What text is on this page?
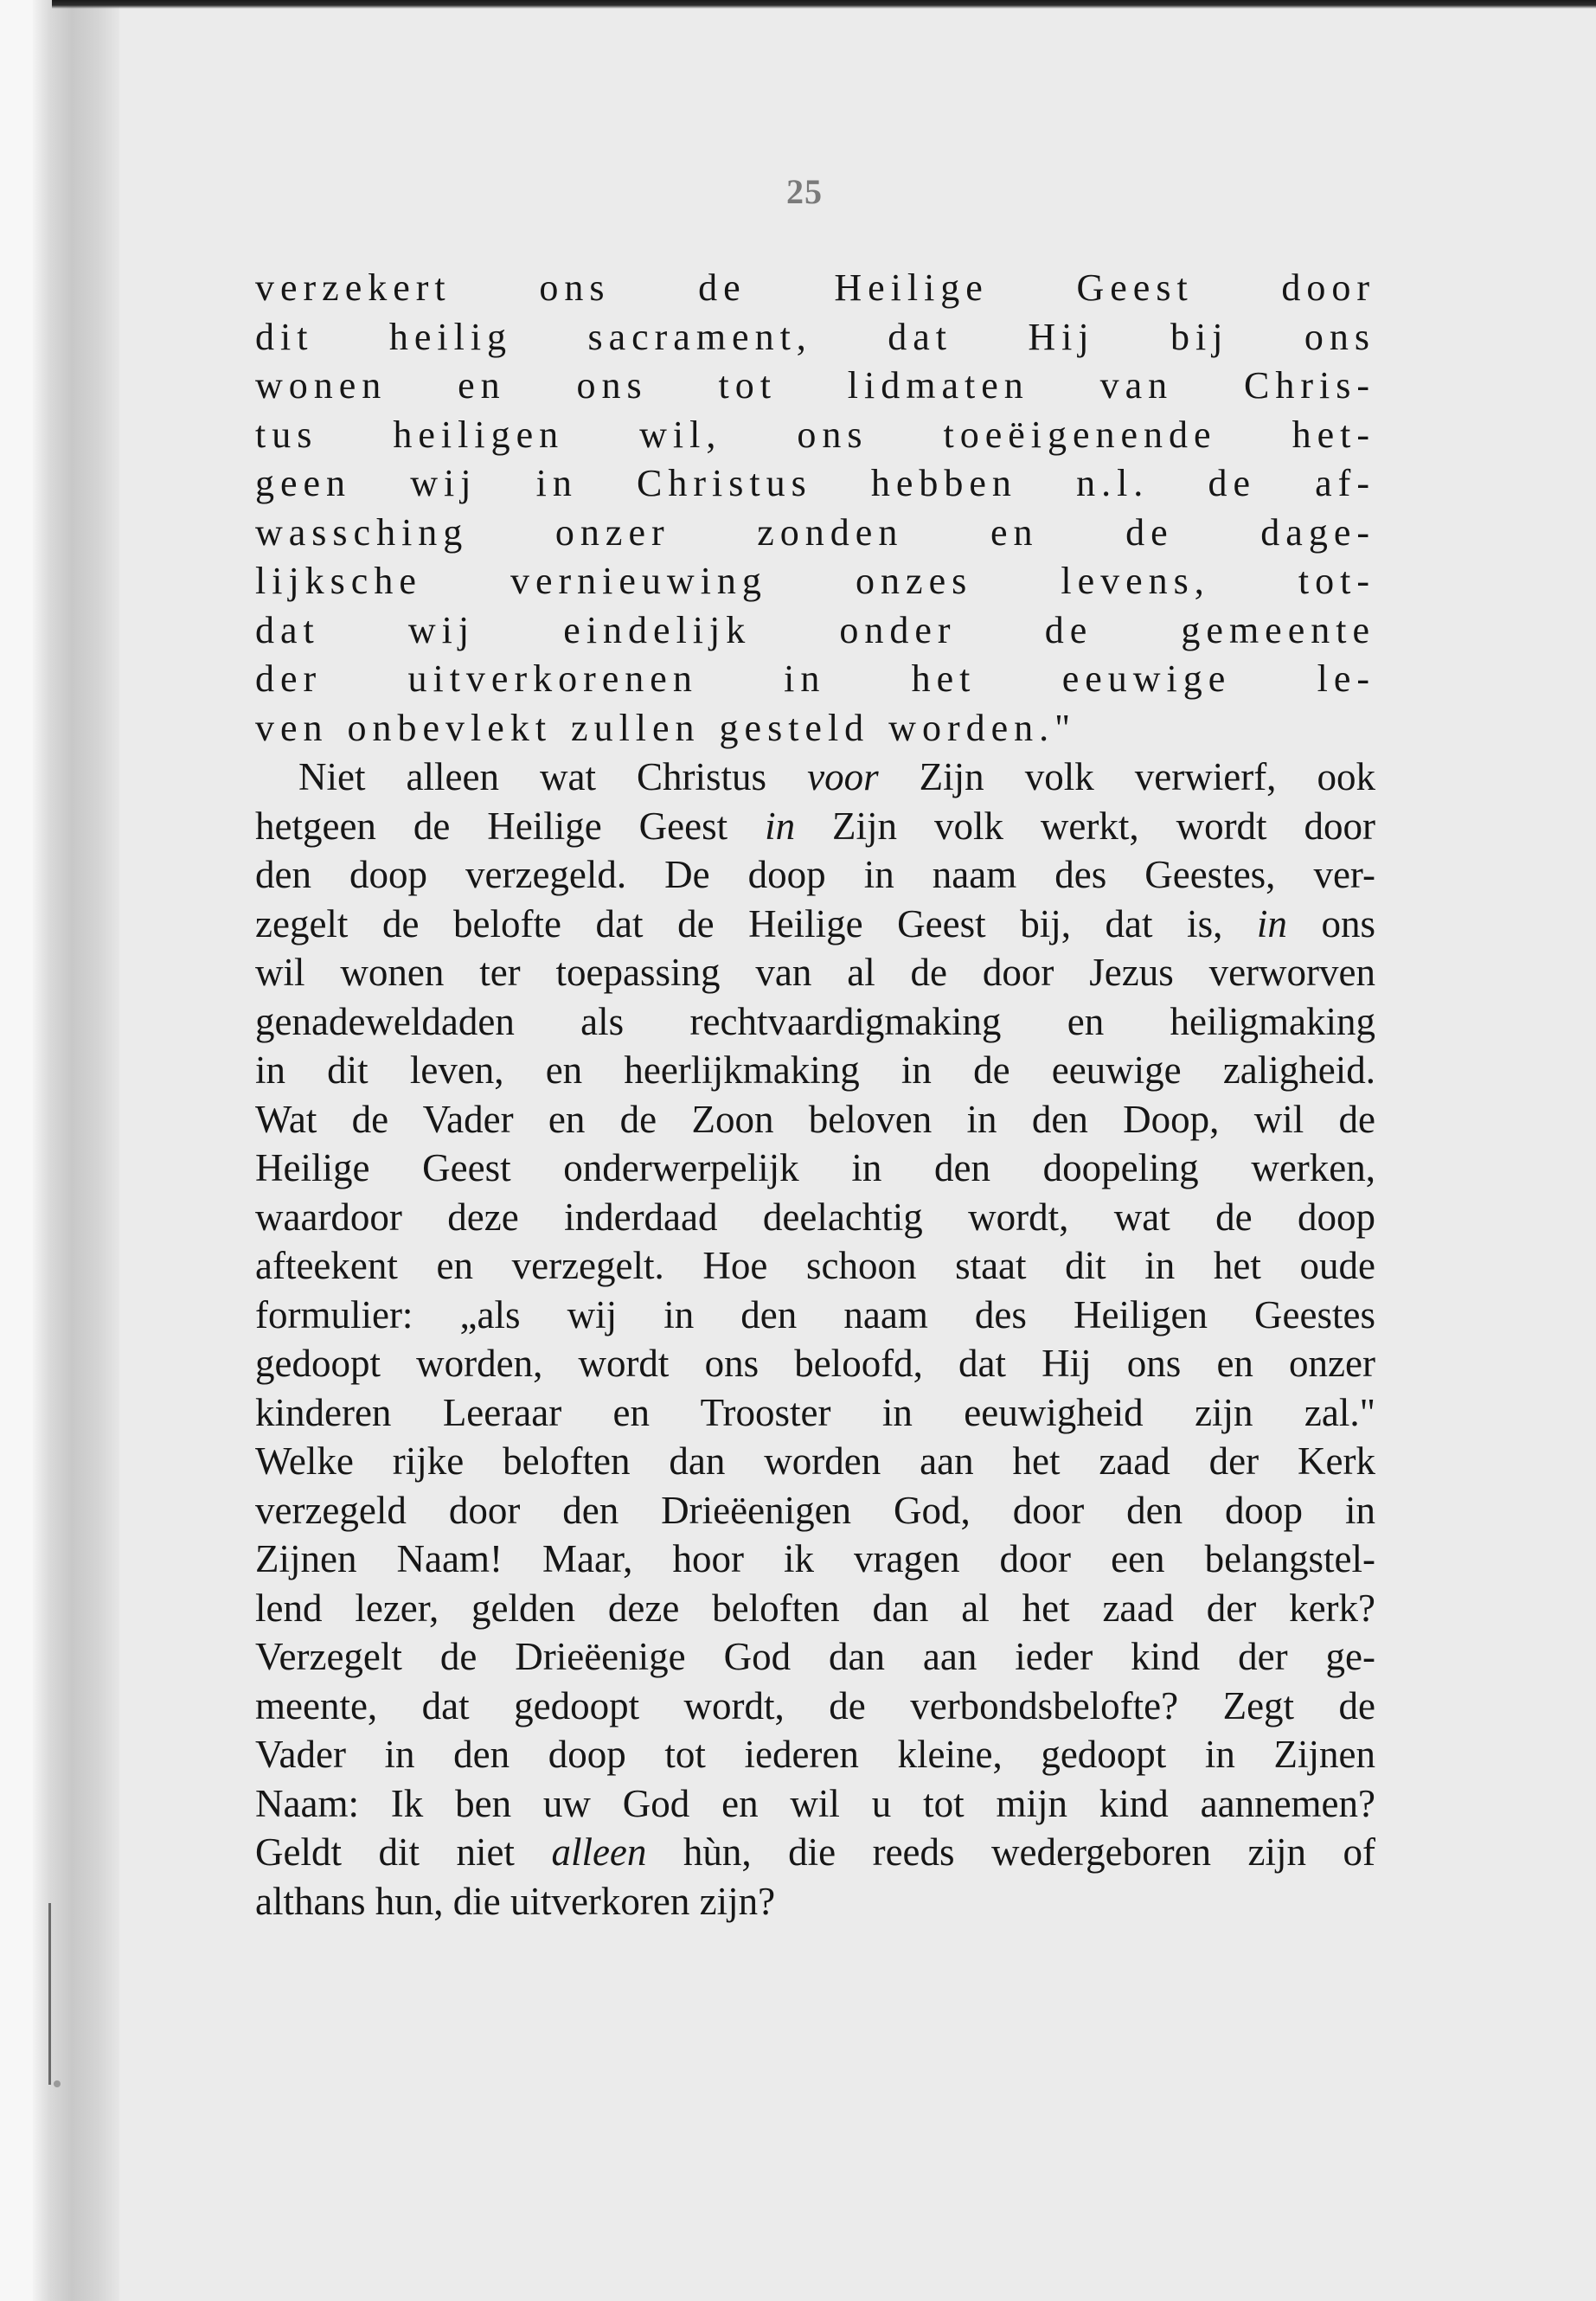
25
verzekert ons de Heilige Geest door
dit heilig sacrament, dat Hij bij ons
wonen en ons tot lidmaten van Chris-
tus heiligen wil, ons toeëigenende het-
geen wij in Christus hebben n.l. de af-
wassching onzer zonden en de dage-
lijksche vernieuwing onzes levens, tot-
dat wij eindelijk onder de gemeente
der uitverkorenen in het eeuwige le-
ven onbevlekt zullen gesteld worden."
Niet alleen wat Christus voor Zijn volk verwierf, ook
hetgeen de Heilige Geest in Zijn volk werkt, wordt door
den doop verzegeld. De doop in naam des Geestes, ver-
zegelt de belofte dat de Heilige Geest bij, dat is, in ons
wil wonen ter toepassing van al de door Jezus verworven
genadeweldaden als rechtvaardigmaking en heiligmaking
in dit leven, en heerlijkmaking in de eeuwige zaligheid.
Wat de Vader en de Zoon beloven in den Doop, wil de
Heilige Geest onderwerpelijk in den doopeling werken,
waardoor deze inderdaad deelachtig wordt, wat de doop
afteekent en verzegelt. Hoe schoon staat dit in het oude
formulier: „als wij in den naam des Heiligen Geestes
gedoopt worden, wordt ons beloofd, dat Hij ons en onzer
kinderen Leeraar en Trooster in eeuwigheid zijn zal."
Welke rijke beloften dan worden aan het zaad der Kerk
verzegeld door den Drieëenigen God, door den doop in
Zijnen Naam! Maar, hoor ik vragen door een belangstel-
lend lezer, gelden deze beloften dan al het zaad der kerk?
Verzegelt de Drieëenige God dan aan ieder kind der ge-
meente, dat gedoopt wordt, de verbondsbelofte? Zegt de
Vader in den doop tot iederen kleine, gedoopt in Zijnen
Naam: Ik ben uw God en wil u tot mijn kind aannemen?
Geldt dit niet alleen hùn, die reeds wedergeboren zijn of
althans hun, die uitverkoren zijn?
